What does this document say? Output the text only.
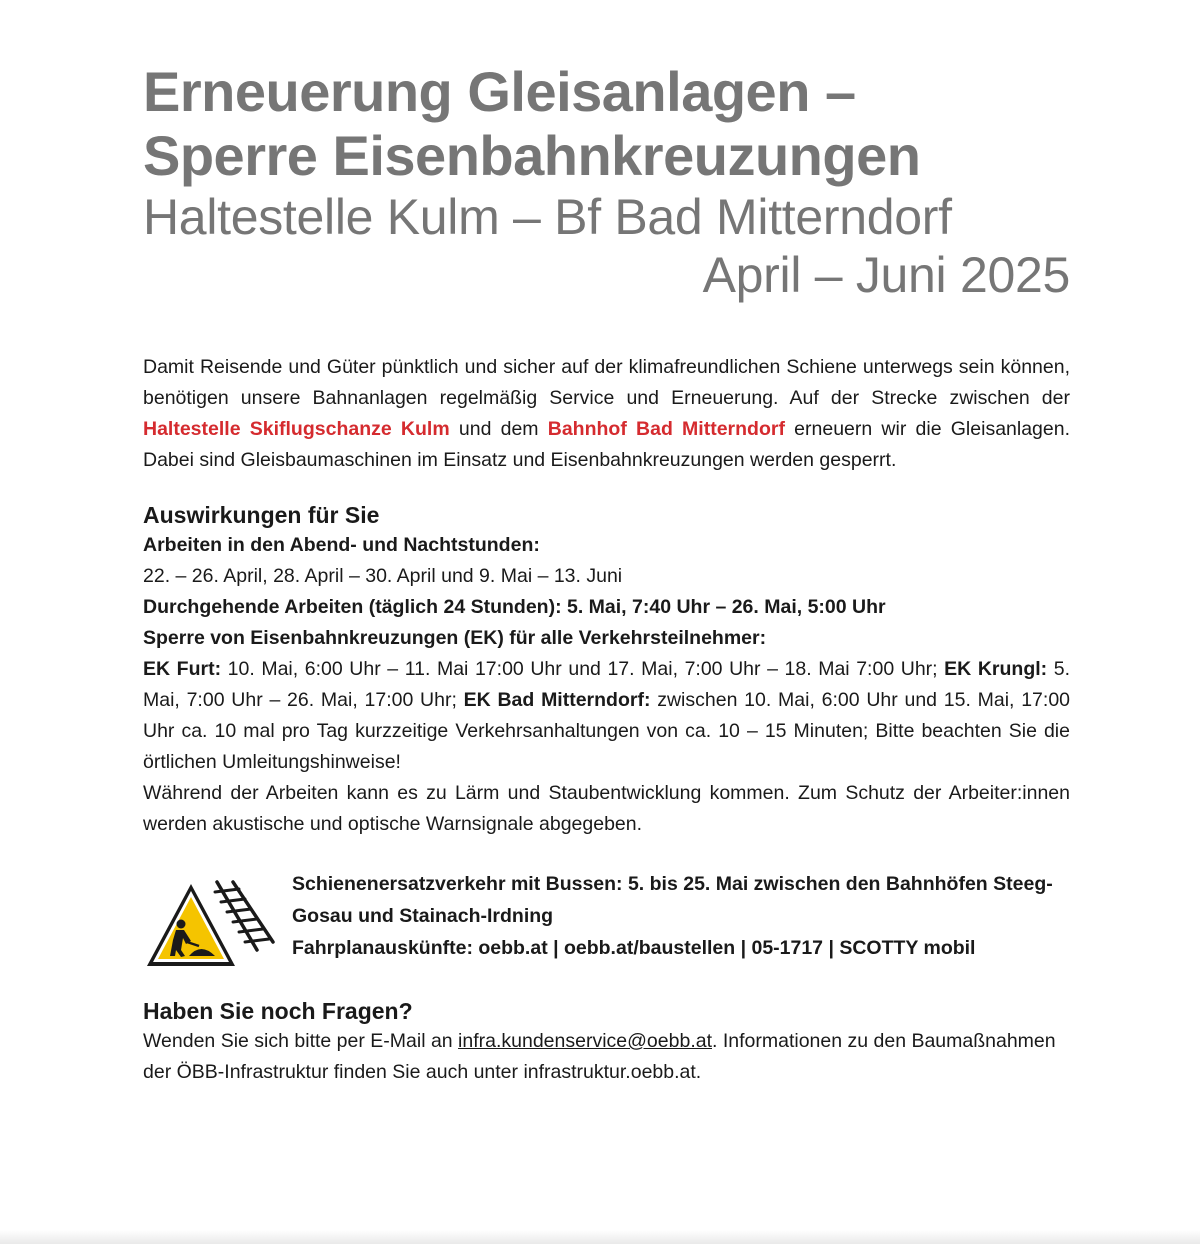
Erneuerung Gleisanlagen –
Sperre Eisenbahnkreuzungen
Haltestelle Kulm – Bf Bad Mitterndorf
April – Juni 2025

Damit Reisende und Güter pünktlich und sicher auf der klimafreundlichen Schiene unterwegs sein können, benötigen unsere Bahnanlagen regelmäßig Service und Erneuerung. Auf der Strecke zwischen der Haltestelle Skiflugschanze Kulm und dem Bahnhof Bad Mitterndorf erneuern wir die Gleisanlagen. Dabei sind Gleisbaumaschinen im Einsatz und Eisenbahnkreuzungen werden gesperrt.

Auswirkungen für Sie

Arbeiten in den Abend- und Nachtstunden:

22. – 26. April, 28. April – 30. April und 9. Mai – 13. Juni

Durchgehende Arbeiten (täglich 24 Stunden): 5. Mai, 7:40 Uhr – 26. Mai, 5:00 Uhr

Sperre von Eisenbahnkreuzungen (EK) für alle Verkehrsteilnehmer:

EK Furt: 10. Mai, 6:00 Uhr – 11. Mai 17:00 Uhr und 17. Mai, 7:00 Uhr – 18. Mai 7:00 Uhr; EK Krungl: 5. Mai, 7:00 Uhr – 26. Mai, 17:00 Uhr; EK Bad Mitterndorf: zwischen 10. Mai, 6:00 Uhr und 15. Mai, 17:00 Uhr ca. 10 mal pro Tag kurzzeitige Verkehrsanhaltungen von ca. 10 – 15 Minuten; Bitte beachten Sie die örtlichen Umleitungshinweise!

Während der Arbeiten kann es zu Lärm und Staubentwicklung kommen. Zum Schutz der Arbeiter:innen werden akustische und optische Warnsignale abgegeben.

Schienenersatzverkehr mit Bussen: 5. bis 25. Mai zwischen den Bahnhöfen Steeg-Gosau und Stainach-Irdning
Fahrplanauskünfte: oebb.at | oebb.at/baustellen | 05-1717 | SCOTTY mobil
Haben Sie noch Fragen?

Wenden Sie sich bitte per E-Mail an infra.kundenservice@oebb.at. Informationen zu den Baumaßnahmen der ÖBB-Infrastruktur finden Sie auch unter infrastruktur.oebb.at.
